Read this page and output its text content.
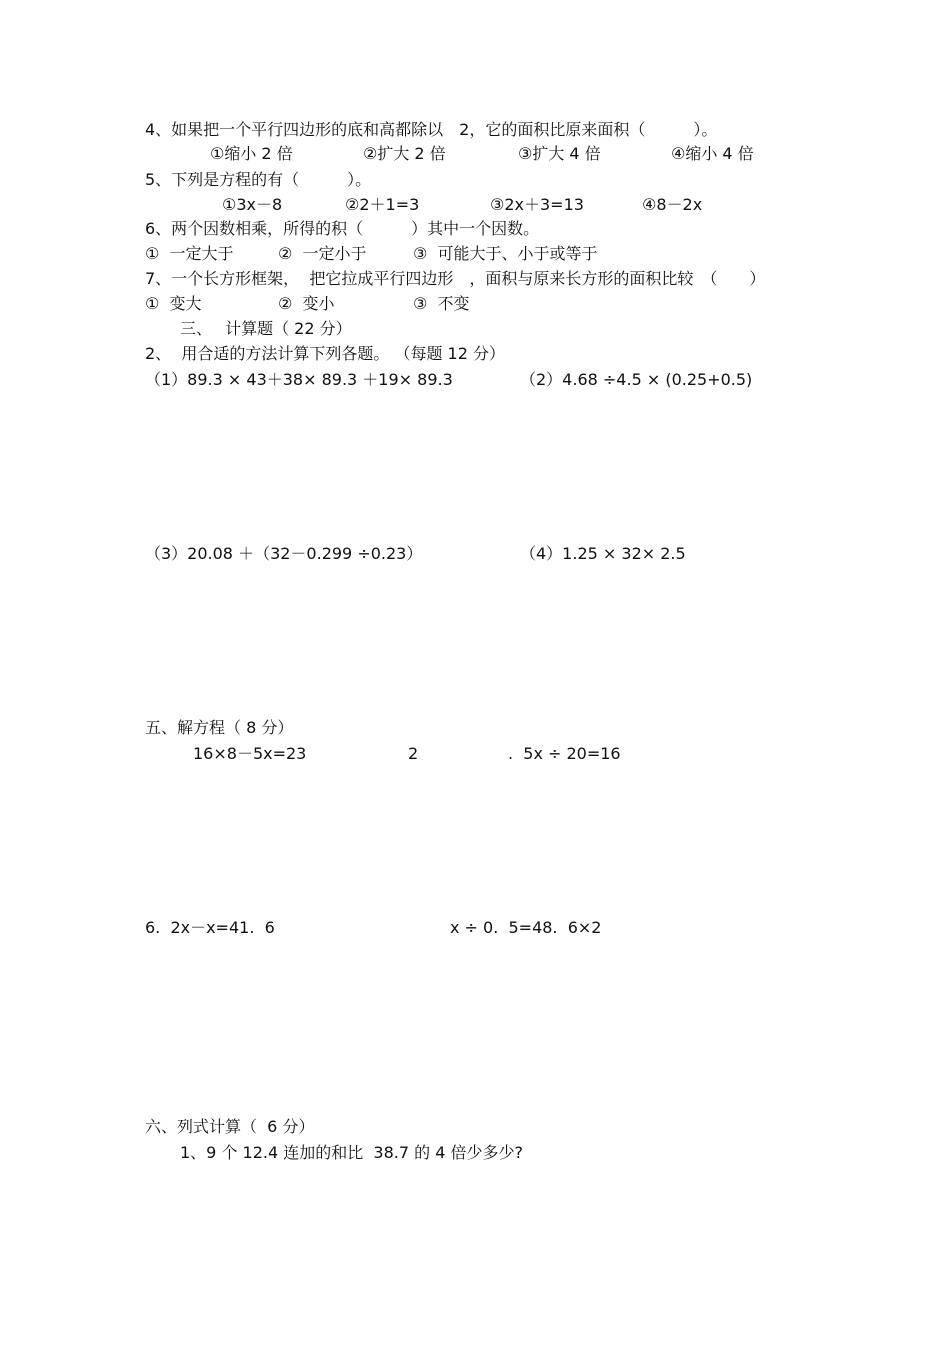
4、如果把一个平行四边形的底和高都除以　2，它的面积比原来面积（　　　）。
①缩小 2 倍	②扩大 2 倍	③扩大 4 倍	④缩小 4 倍
5、下列是方程的有（　　　）。
①3x－8	②2＋1=3	③2x＋3=13	④8－2x
6、两个因数相乘，所得的积（　　　）其中一个因数。
①  一定大于	②  一定小于	③  可能大于、小于或等于
7、一个长方形框架，  把它拉成平行四边形　，面积与原来长方形的面积比较　（　　）
①  变大	②  变小	③  不变
三、　 计算题（ 22 分）
2、  用合适的方法计算下列各题。 （每题 12 分）
（1）89.3 × 43＋38× 89.3 ＋19× 89.3	（2）4.68 ÷4.5 × (0.25+0.5)
（3）20.08 ＋（32－0.299 ÷0.23）	（4）1.25 × 32× 2.5
五、解方程（ 8 分）
16×8－5x=23	2	.  5x ÷ 20=16
6.  2x－x=41.  6	x ÷ 0.  5=48.  6×2
六、列式计算（  6 分）
1、9 个 12.4 连加的和比  38.7 的 4 倍少多少?
